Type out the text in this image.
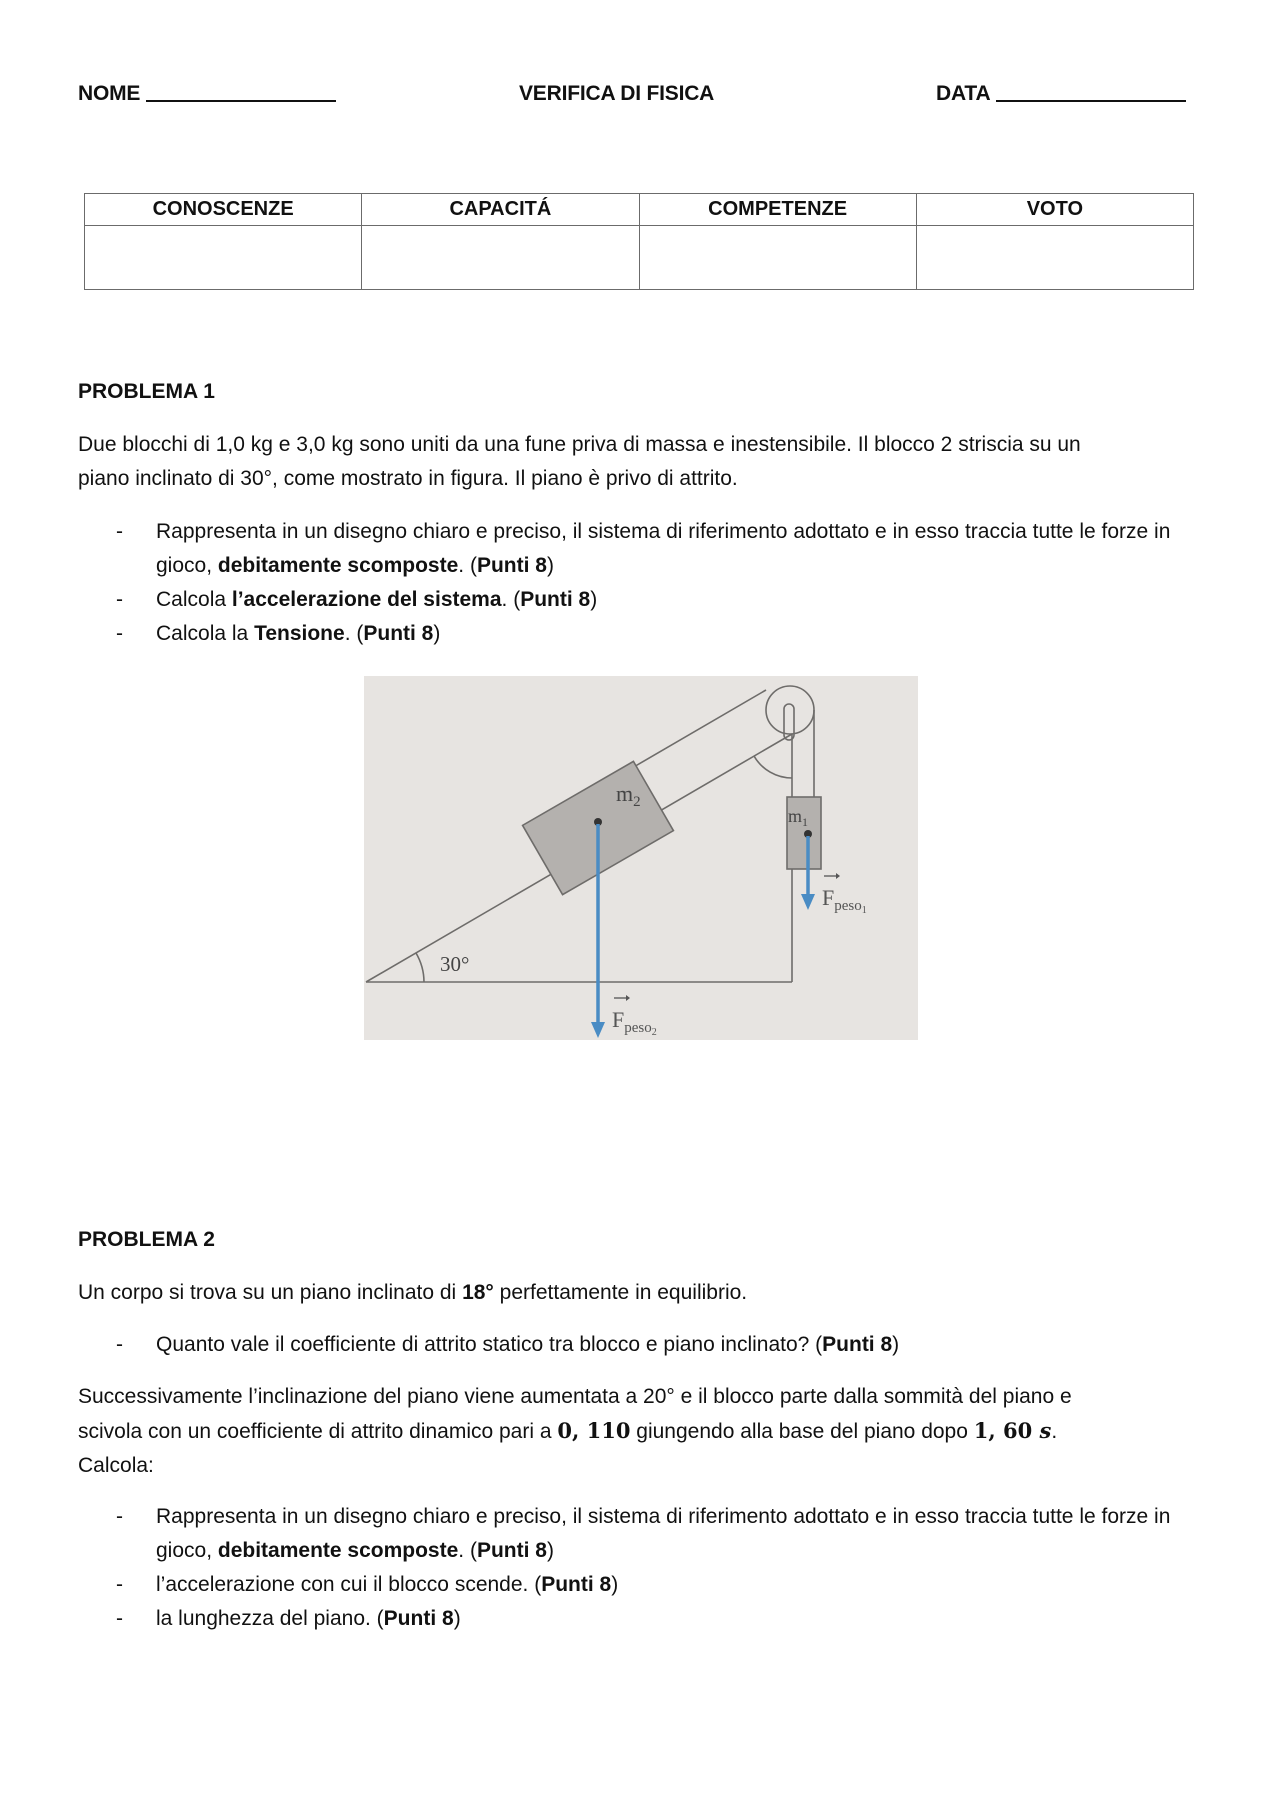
NOME	VERIFICA DI FISICA	DATA
CONOSCENZE	CAPACITÁ	COMPETENZE	VOTO

PROBLEMA 1
Due blocchi di 1,0 kg e 3,0 kg sono uniti da una fune priva di massa e inestensibile. Il blocco 2 striscia su un
piano inclinato di 30°, come mostrato in figura. Il piano è privo di attrito.
- Rappresenta in un disegno chiaro e preciso, il sistema di riferimento adottato e in esso traccia tutte le forze in gioco, debitamente scomposte. (Punti 8)
- Calcola l’accelerazione del sistema. (Punti 8)
- Calcola la Tensione. (Punti 8)
$m_2$
$m_1$
30°
$F_{peso}2$
$F_{peso}1$
PROBLEMA 2
Un corpo si trova su un piano inclinato di 18° perfettamente in equilibrio.
- Quanto vale il coefficiente di attrito statico tra blocco e piano inclinato? (Punti 8)
Successivamente l’inclinazione del piano viene aumentata a 20° e il blocco parte dalla sommità del piano e
scivola con un coefficiente di attrito dinamico pari a 0, 110 giungendo alla base del piano dopo 1, 60 s.
Calcola:
- Rappresenta in un disegno chiaro e preciso, il sistema di riferimento adottato e in esso traccia tutte le forze in gioco, debitamente scomposte. (Punti 8)
- l’accelerazione con cui il blocco scende. (Punti 8)
- la lunghezza del piano. (Punti 8)
